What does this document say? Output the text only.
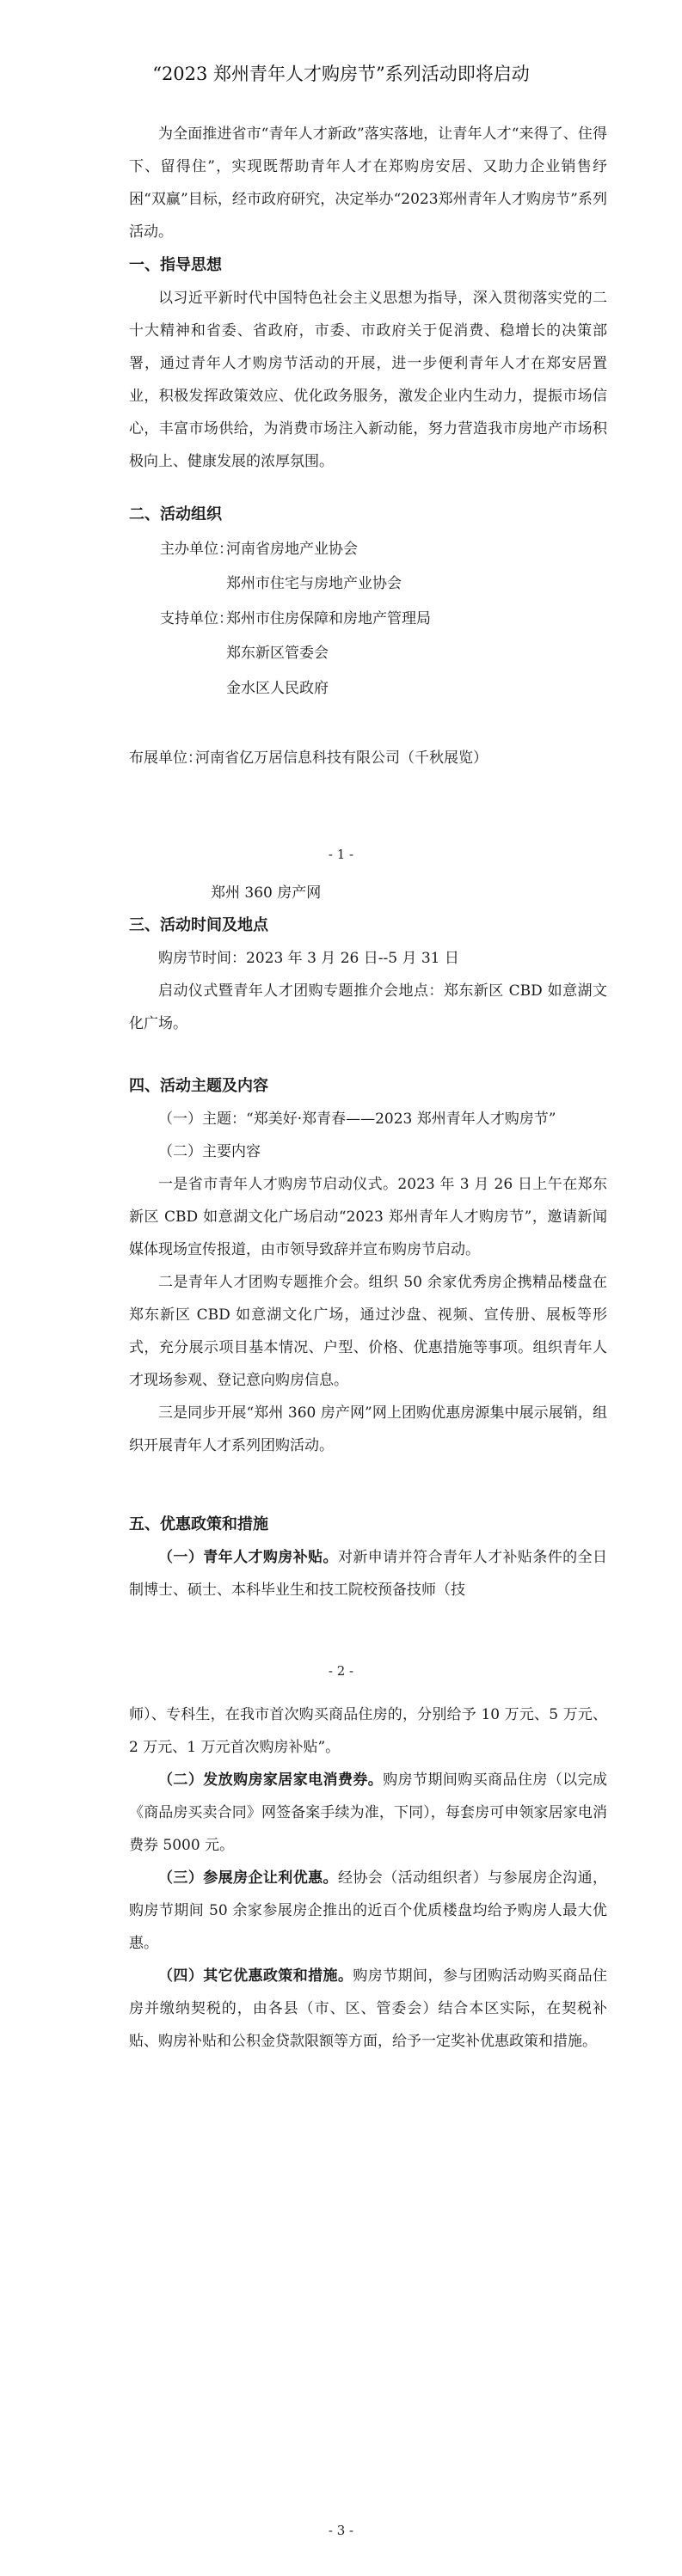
“2023 郑州青年人才购房节”系列活动即将启动

为全面推进省市“青年人才新政”落实落地，让青年人才“来得了、住得下、留得住”，实现既帮助青年人才在郑购房安居、又助力企业销售纾困“双赢”目标，经市政府研究，决定举办“2023郑州青年人才购房节”系列活动。

一、指导思想

以习近平新时代中国特色社会主义思想为指导，深入贯彻落实党的二十大精神和省委、省政府，市委、市政府关于促消费、稳增长的决策部署，通过青年人才购房节活动的开展，进一步便利青年人才在郑安居置业，积极发挥政策效应、优化政务服务，激发企业内生动力，提振市场信心，丰富市场供给，为消费市场注入新动能，努力营造我市房地产市场积极向上、健康发展的浓厚氛围。

二、活动组织
主办单位：
河南省房地产业协会
郑州市住宅与房地产业协会
支持单位：
郑州市住房保障和房地产管理局
郑东新区管委会
金水区人民政府
布展单位：
河南省亿万居信息科技有限公司（千秋展览）
- 1 -
郑州 360 房产网
三、活动时间及地点

购房节时间：2023 年 3 月 26 日--5 月 31 日

启动仪式暨青年人才团购专题推介会地点：郑东新区 CBD 如意湖文化广场。

四、活动主题及内容

（一）主题：“郑美好·郑青春——2023 郑州青年人才购房节”

（二）主要内容

一是省市青年人才购房节启动仪式。2023 年 3 月 26 日上午在郑东新区 CBD 如意湖文化广场启动“2023 郑州青年人才购房节”，邀请新闻媒体现场宣传报道，由市领导致辞并宣布购房节启动。

二是青年人才团购专题推介会。组织 50 余家优秀房企携精品楼盘在郑东新区 CBD 如意湖文化广场，通过沙盘、视频、宣传册、展板等形式，充分展示项目基本情况、户型、价格、优惠措施等事项。组织青年人才现场参观、登记意向购房信息。

三是同步开展“郑州 360 房产网”网上团购优惠房源集中展示展销，组织开展青年人才系列团购活动。

五、优惠政策和措施

（一）青年人才购房补贴。对新申请并符合青年人才补贴条件的全日制博士、硕士、本科毕业生和技工院校预备技师（技

- 2 -

师）、专科生，在我市首次购买商品住房的，分别给予 10 万元、5 万元、2 万元、1 万元首次购房补贴”。

（二）发放购房家居家电消费券。购房节期间购买商品住房（以完成《商品房买卖合同》网签备案手续为准，下同），每套房可申领家居家电消费券 5000 元。

（三）参展房企让利优惠。经协会（活动组织者）与参展房企沟通，购房节期间 50 余家参展房企推出的近百个优质楼盘均给予购房人最大优惠。

（四）其它优惠政策和措施。购房节期间，参与团购活动购买商品住房并缴纳契税的，由各县（市、区、管委会）结合本区实际，在契税补贴、购房补贴和公积金贷款限额等方面，给予一定奖补优惠政策和措施。

- 3 -
